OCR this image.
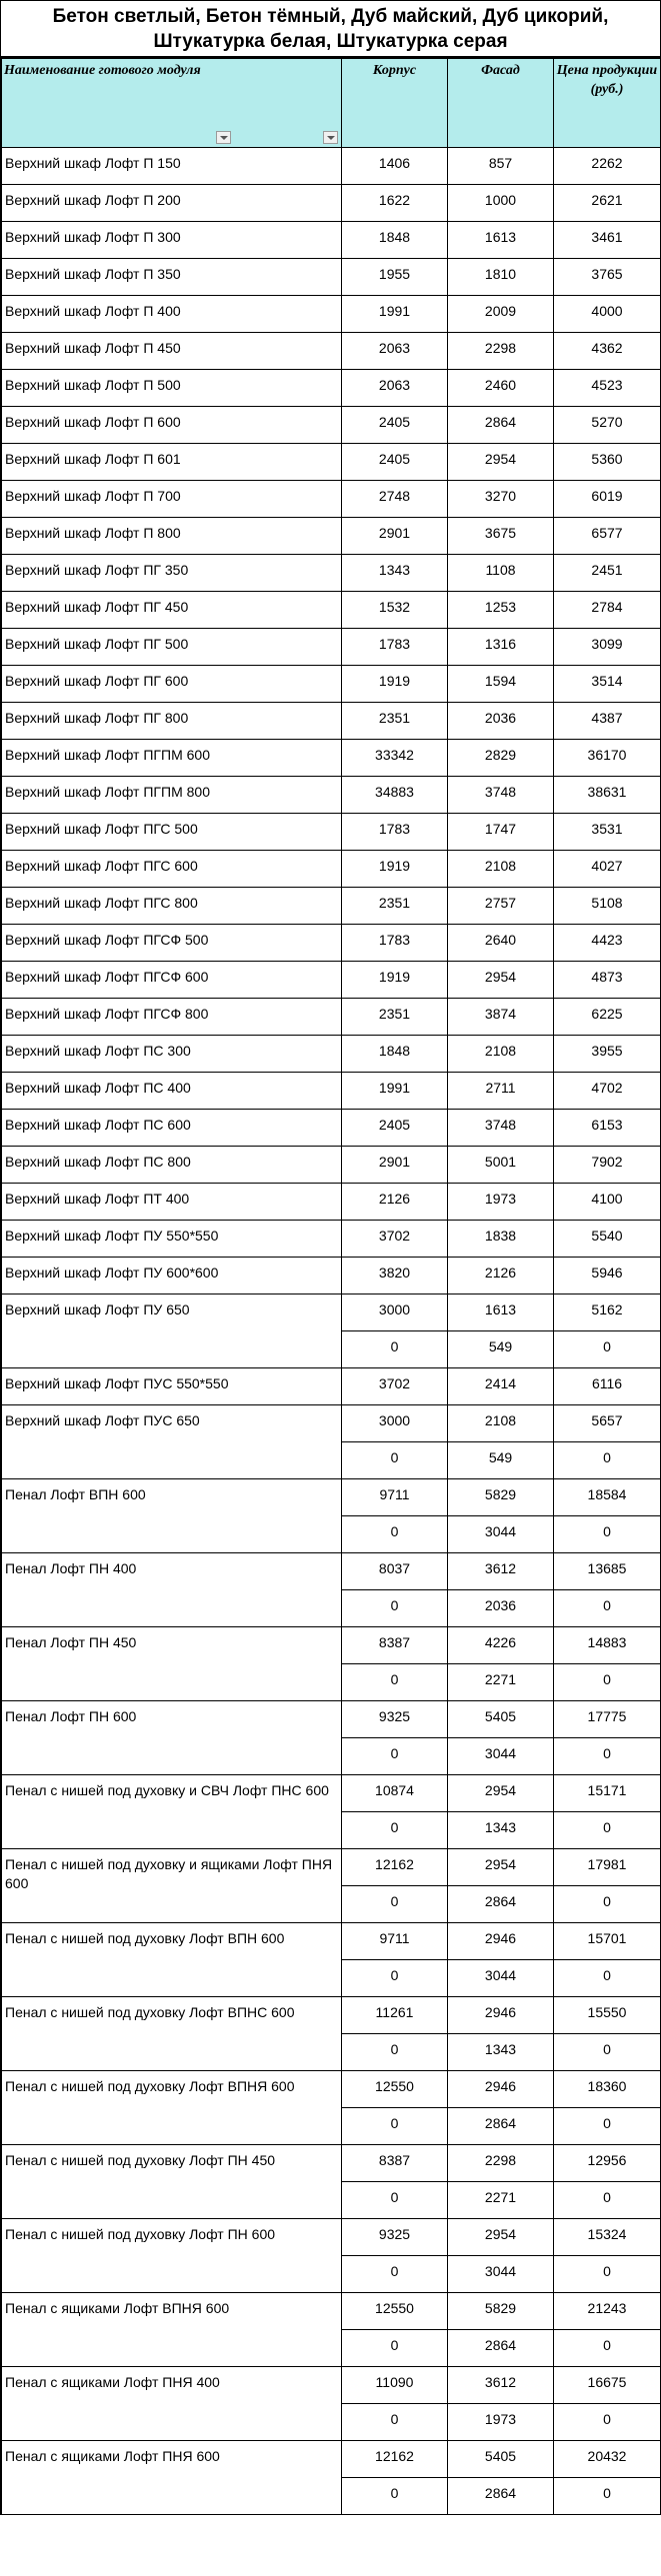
Бетон светлый, Бетон тёмный, Дуб майский, Дуб цикорий, Штукатурка белая, Штукатурка серая
Наименование готового модуля	Корпус	Фасад	Цена продукции (руб.)
Верхний шкаф Лофт П 150	1406	857	2262
Верхний шкаф Лофт П 200	1622	1000	2621
Верхний шкаф Лофт П 300	1848	1613	3461
Верхний шкаф Лофт П 350	1955	1810	3765
Верхний шкаф Лофт П 400	1991	2009	4000
Верхний шкаф Лофт П 450	2063	2298	4362
Верхний шкаф Лофт П 500	2063	2460	4523
Верхний шкаф Лофт П 600	2405	2864	5270
Верхний шкаф Лофт П 601	2405	2954	5360
Верхний шкаф Лофт П 700	2748	3270	6019
Верхний шкаф Лофт П 800	2901	3675	6577
Верхний шкаф Лофт ПГ 350	1343	1108	2451
Верхний шкаф Лофт ПГ 450	1532	1253	2784
Верхний шкаф Лофт ПГ 500	1783	1316	3099
Верхний шкаф Лофт ПГ 600	1919	1594	3514
Верхний шкаф Лофт ПГ 800	2351	2036	4387
Верхний шкаф Лофт ПГПМ 600	33342	2829	36170
Верхний шкаф Лофт ПГПМ 800	34883	3748	38631
Верхний шкаф Лофт ПГС 500	1783	1747	3531
Верхний шкаф Лофт ПГС 600	1919	2108	4027
Верхний шкаф Лофт ПГС 800	2351	2757	5108
Верхний шкаф Лофт ПГСФ 500	1783	2640	4423
Верхний шкаф Лофт ПГСФ 600	1919	2954	4873
Верхний шкаф Лофт ПГСФ 800	2351	3874	6225
Верхний шкаф Лофт ПС 300	1848	2108	3955
Верхний шкаф Лофт ПС 400	1991	2711	4702
Верхний шкаф Лофт ПС 600	2405	3748	6153
Верхний шкаф Лофт ПС 800	2901	5001	7902
Верхний шкаф Лофт ПТ 400	2126	1973	4100
Верхний шкаф Лофт ПУ 550*550	3702	1838	5540
Верхний шкаф Лофт ПУ 600*600	3820	2126	5946
Верхний шкаф Лофт ПУ 650	3000	1613	5162
	0	549	0
Верхний шкаф Лофт ПУС 550*550	3702	2414	6116
Верхний шкаф Лофт ПУС 650	3000	2108	5657
	0	549	0
Пенал Лофт ВПН 600	9711	5829	18584
	0	3044	0
Пенал Лофт ПН 400	8037	3612	13685
	0	2036	0
Пенал Лофт ПН 450	8387	4226	14883
	0	2271	0
Пенал Лофт ПН 600	9325	5405	17775
	0	3044	0
Пенал с нишей под духовку и СВЧ Лофт ПНС 600	10874	2954	15171
	0	1343	0
Пенал с нишей под духовку и ящиками Лофт ПНЯ 600	12162	2954	17981
	0	2864	0
Пенал с нишей под духовку Лофт ВПН 600	9711	2946	15701
	0	3044	0
Пенал с нишей под духовку Лофт ВПНС 600	11261	2946	15550
	0	1343	0
Пенал с нишей под духовку Лофт ВПНЯ 600	12550	2946	18360
	0	2864	0
Пенал с нишей под духовку Лофт ПН 450	8387	2298	12956
	0	2271	0
Пенал с нишей под духовку Лофт ПН 600	9325	2954	15324
	0	3044	0
Пенал с ящиками Лофт ВПНЯ 600	12550	5829	21243
	0	2864	0
Пенал с ящиками Лофт ПНЯ 400	11090	3612	16675
	0	1973	0
Пенал с ящиками Лофт ПНЯ 600	12162	5405	20432
	0	2864	0
